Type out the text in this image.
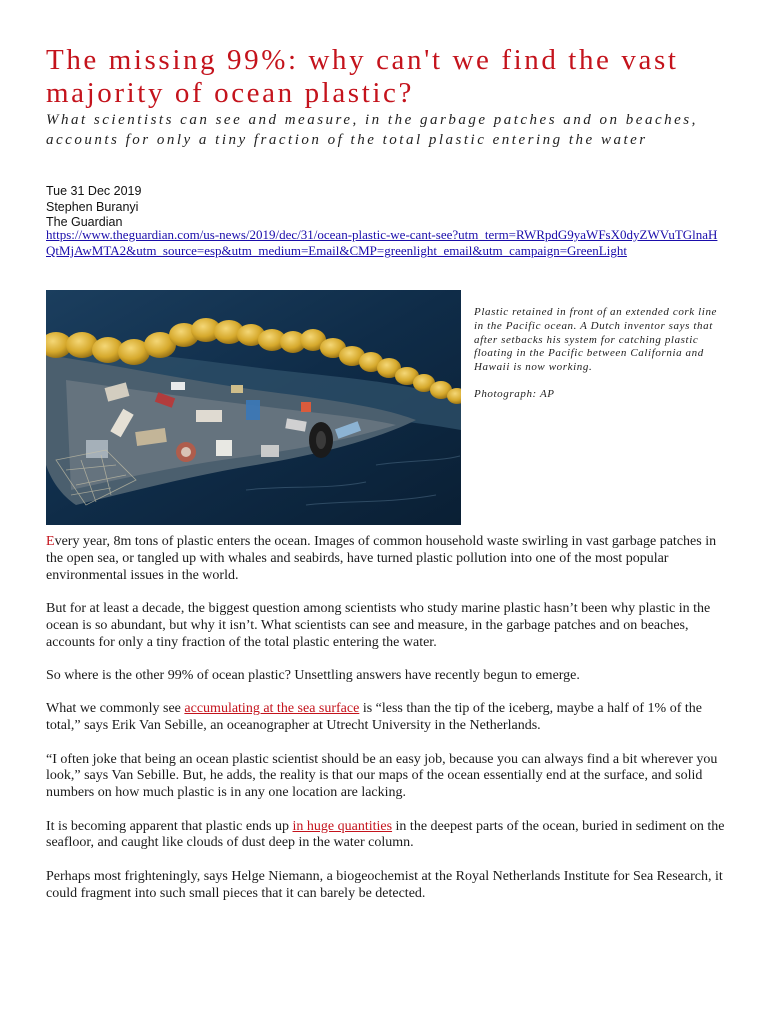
The missing 99%: why can't we find the vast majority of ocean plastic?

What scientists can see and measure, in the garbage patches and on beaches, accounts for only a tiny fraction of the total plastic entering the water

Tue 31 Dec 2019
Stephen Buranyi
The Guardian
https://www.theguardian.com/us-news/2019/dec/31/ocean-plastic-we-cant-see?utm_term=RWRpdG9yaWFsX0dyZWVuTGlnaHQtMjAwMTA2&utm_source=esp&utm_medium=Email&CMP=greenlight_email&utm_campaign=GreenLight

Plastic retained in front of an extended cork line in the Pacific ocean. A Dutch inventor says that after setbacks his system for catching plastic floating in the Pacific between California and Hawaii is now working.

Photograph: AP

Every year, 8m tons of plastic enters the ocean. Images of common household waste swirling in vast garbage patches in the open sea, or tangled up with whales and seabirds, have turned plastic pollution into one of the most popular environmental issues in the world.

But for at least a decade, the biggest question among scientists who study marine plastic hasn’t been why plastic in the ocean is so abundant, but why it isn’t. What scientists can see and measure, in the garbage patches and on beaches, accounts for only a tiny fraction of the total plastic entering the water.

So where is the other 99% of ocean plastic? Unsettling answers have recently begun to emerge.

What we commonly see accumulating at the sea surface is “less than the tip of the iceberg, maybe a half of 1% of the total,” says Erik Van Sebille, an oceanographer at Utrecht University in the Netherlands.

“I often joke that being an ocean plastic scientist should be an easy job, because you can always find a bit wherever you look,” says Van Sebille. But, he adds, the reality is that our maps of the ocean essentially end at the surface, and solid numbers on how much plastic is in any one location are lacking.

It is becoming apparent that plastic ends up in huge quantities in the deepest parts of the ocean, buried in sediment on the seafloor, and caught like clouds of dust deep in the water column.

Perhaps most frighteningly, says Helge Niemann, a biogeochemist at the Royal Netherlands Institute for Sea Research, it could fragment into such small pieces that it can barely be detected.
